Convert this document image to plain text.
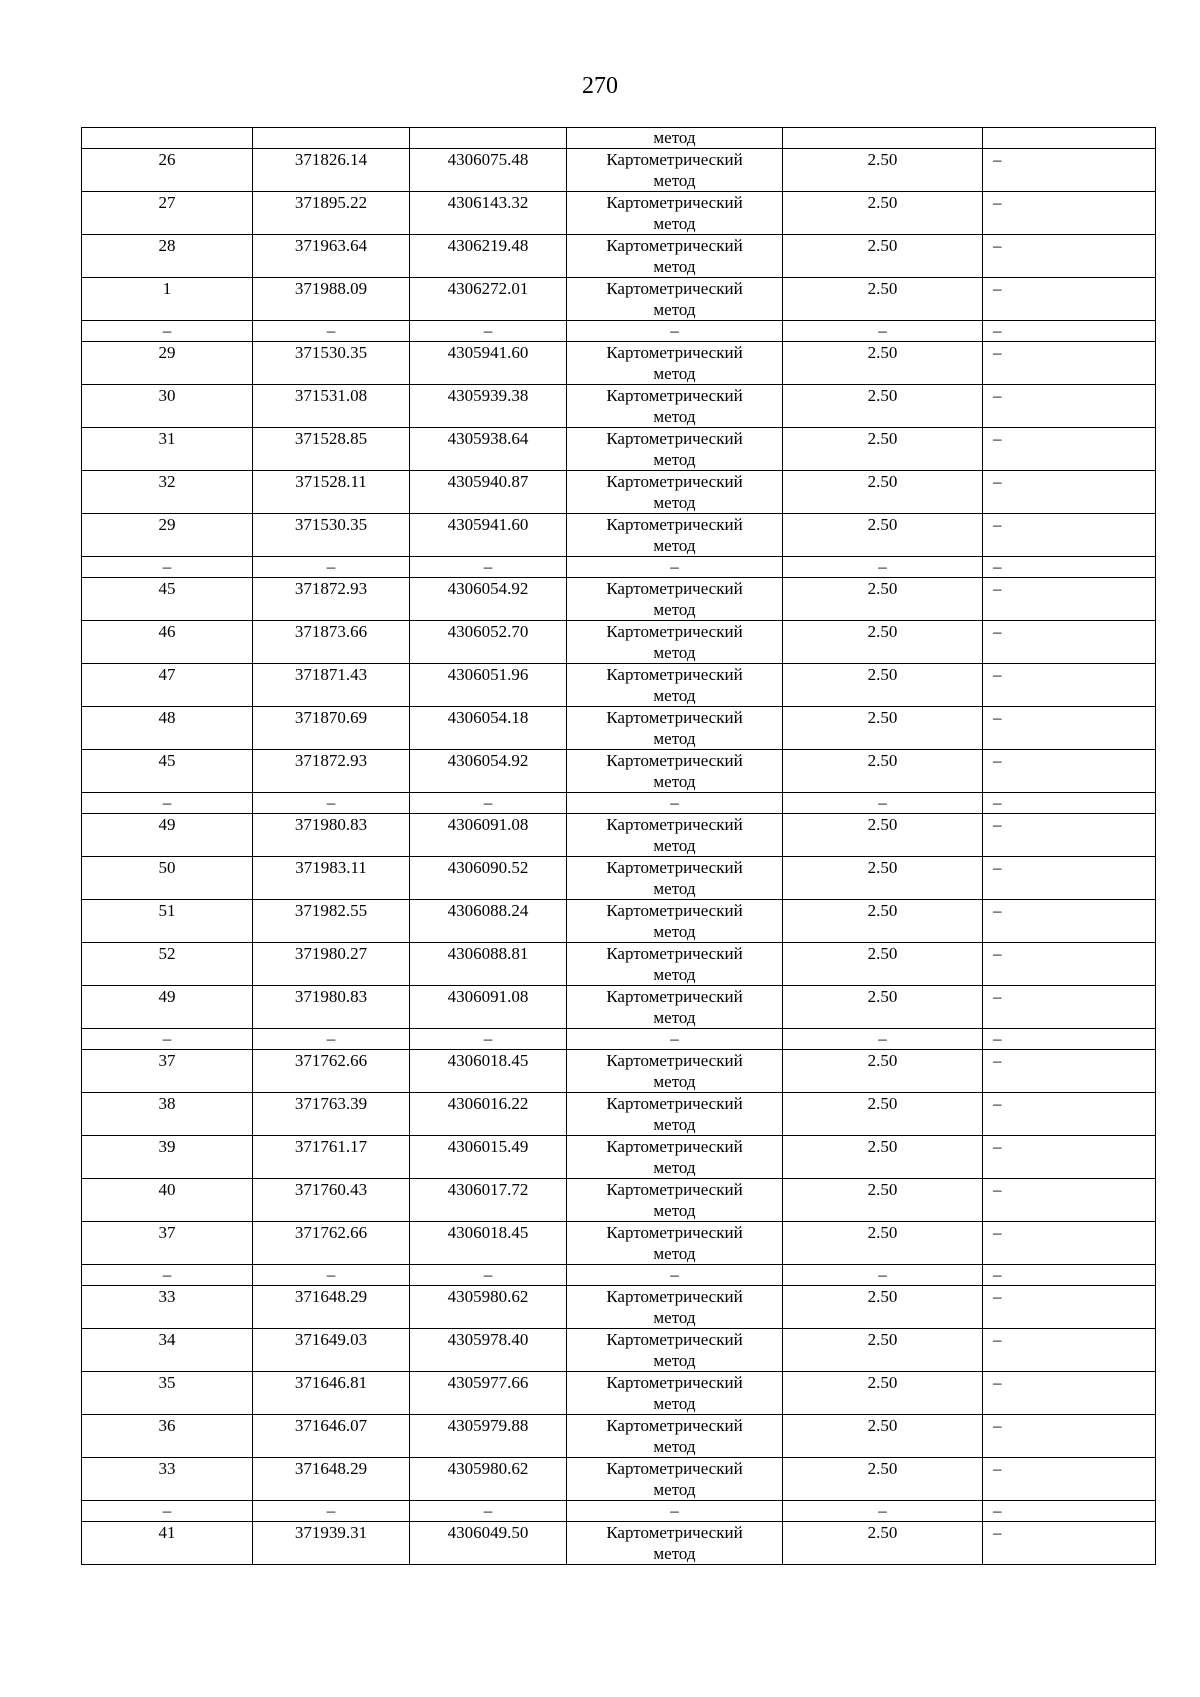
270
			метод		
26	371826.14	4306075.48	Картометрический
метод	2.50	–
27	371895.22	4306143.32	Картометрический
метод	2.50	–
28	371963.64	4306219.48	Картометрический
метод	2.50	–
1	371988.09	4306272.01	Картометрический
метод	2.50	–
–	–	–	–	–	–
29	371530.35	4305941.60	Картометрический
метод	2.50	–
30	371531.08	4305939.38	Картометрический
метод	2.50	–
31	371528.85	4305938.64	Картометрический
метод	2.50	–
32	371528.11	4305940.87	Картометрический
метод	2.50	–
29	371530.35	4305941.60	Картометрический
метод	2.50	–
–	–	–	–	–	–
45	371872.93	4306054.92	Картометрический
метод	2.50	–
46	371873.66	4306052.70	Картометрический
метод	2.50	–
47	371871.43	4306051.96	Картометрический
метод	2.50	–
48	371870.69	4306054.18	Картометрический
метод	2.50	–
45	371872.93	4306054.92	Картометрический
метод	2.50	–
–	–	–	–	–	–
49	371980.83	4306091.08	Картометрический
метод	2.50	–
50	371983.11	4306090.52	Картометрический
метод	2.50	–
51	371982.55	4306088.24	Картометрический
метод	2.50	–
52	371980.27	4306088.81	Картометрический
метод	2.50	–
49	371980.83	4306091.08	Картометрический
метод	2.50	–
–	–	–	–	–	–
37	371762.66	4306018.45	Картометрический
метод	2.50	–
38	371763.39	4306016.22	Картометрический
метод	2.50	–
39	371761.17	4306015.49	Картометрический
метод	2.50	–
40	371760.43	4306017.72	Картометрический
метод	2.50	–
37	371762.66	4306018.45	Картометрический
метод	2.50	–
–	–	–	–	–	–
33	371648.29	4305980.62	Картометрический
метод	2.50	–
34	371649.03	4305978.40	Картометрический
метод	2.50	–
35	371646.81	4305977.66	Картометрический
метод	2.50	–
36	371646.07	4305979.88	Картометрический
метод	2.50	–
33	371648.29	4305980.62	Картометрический
метод	2.50	–
–	–	–	–	–	–
41	371939.31	4306049.50	Картометрический
метод	2.50	–
